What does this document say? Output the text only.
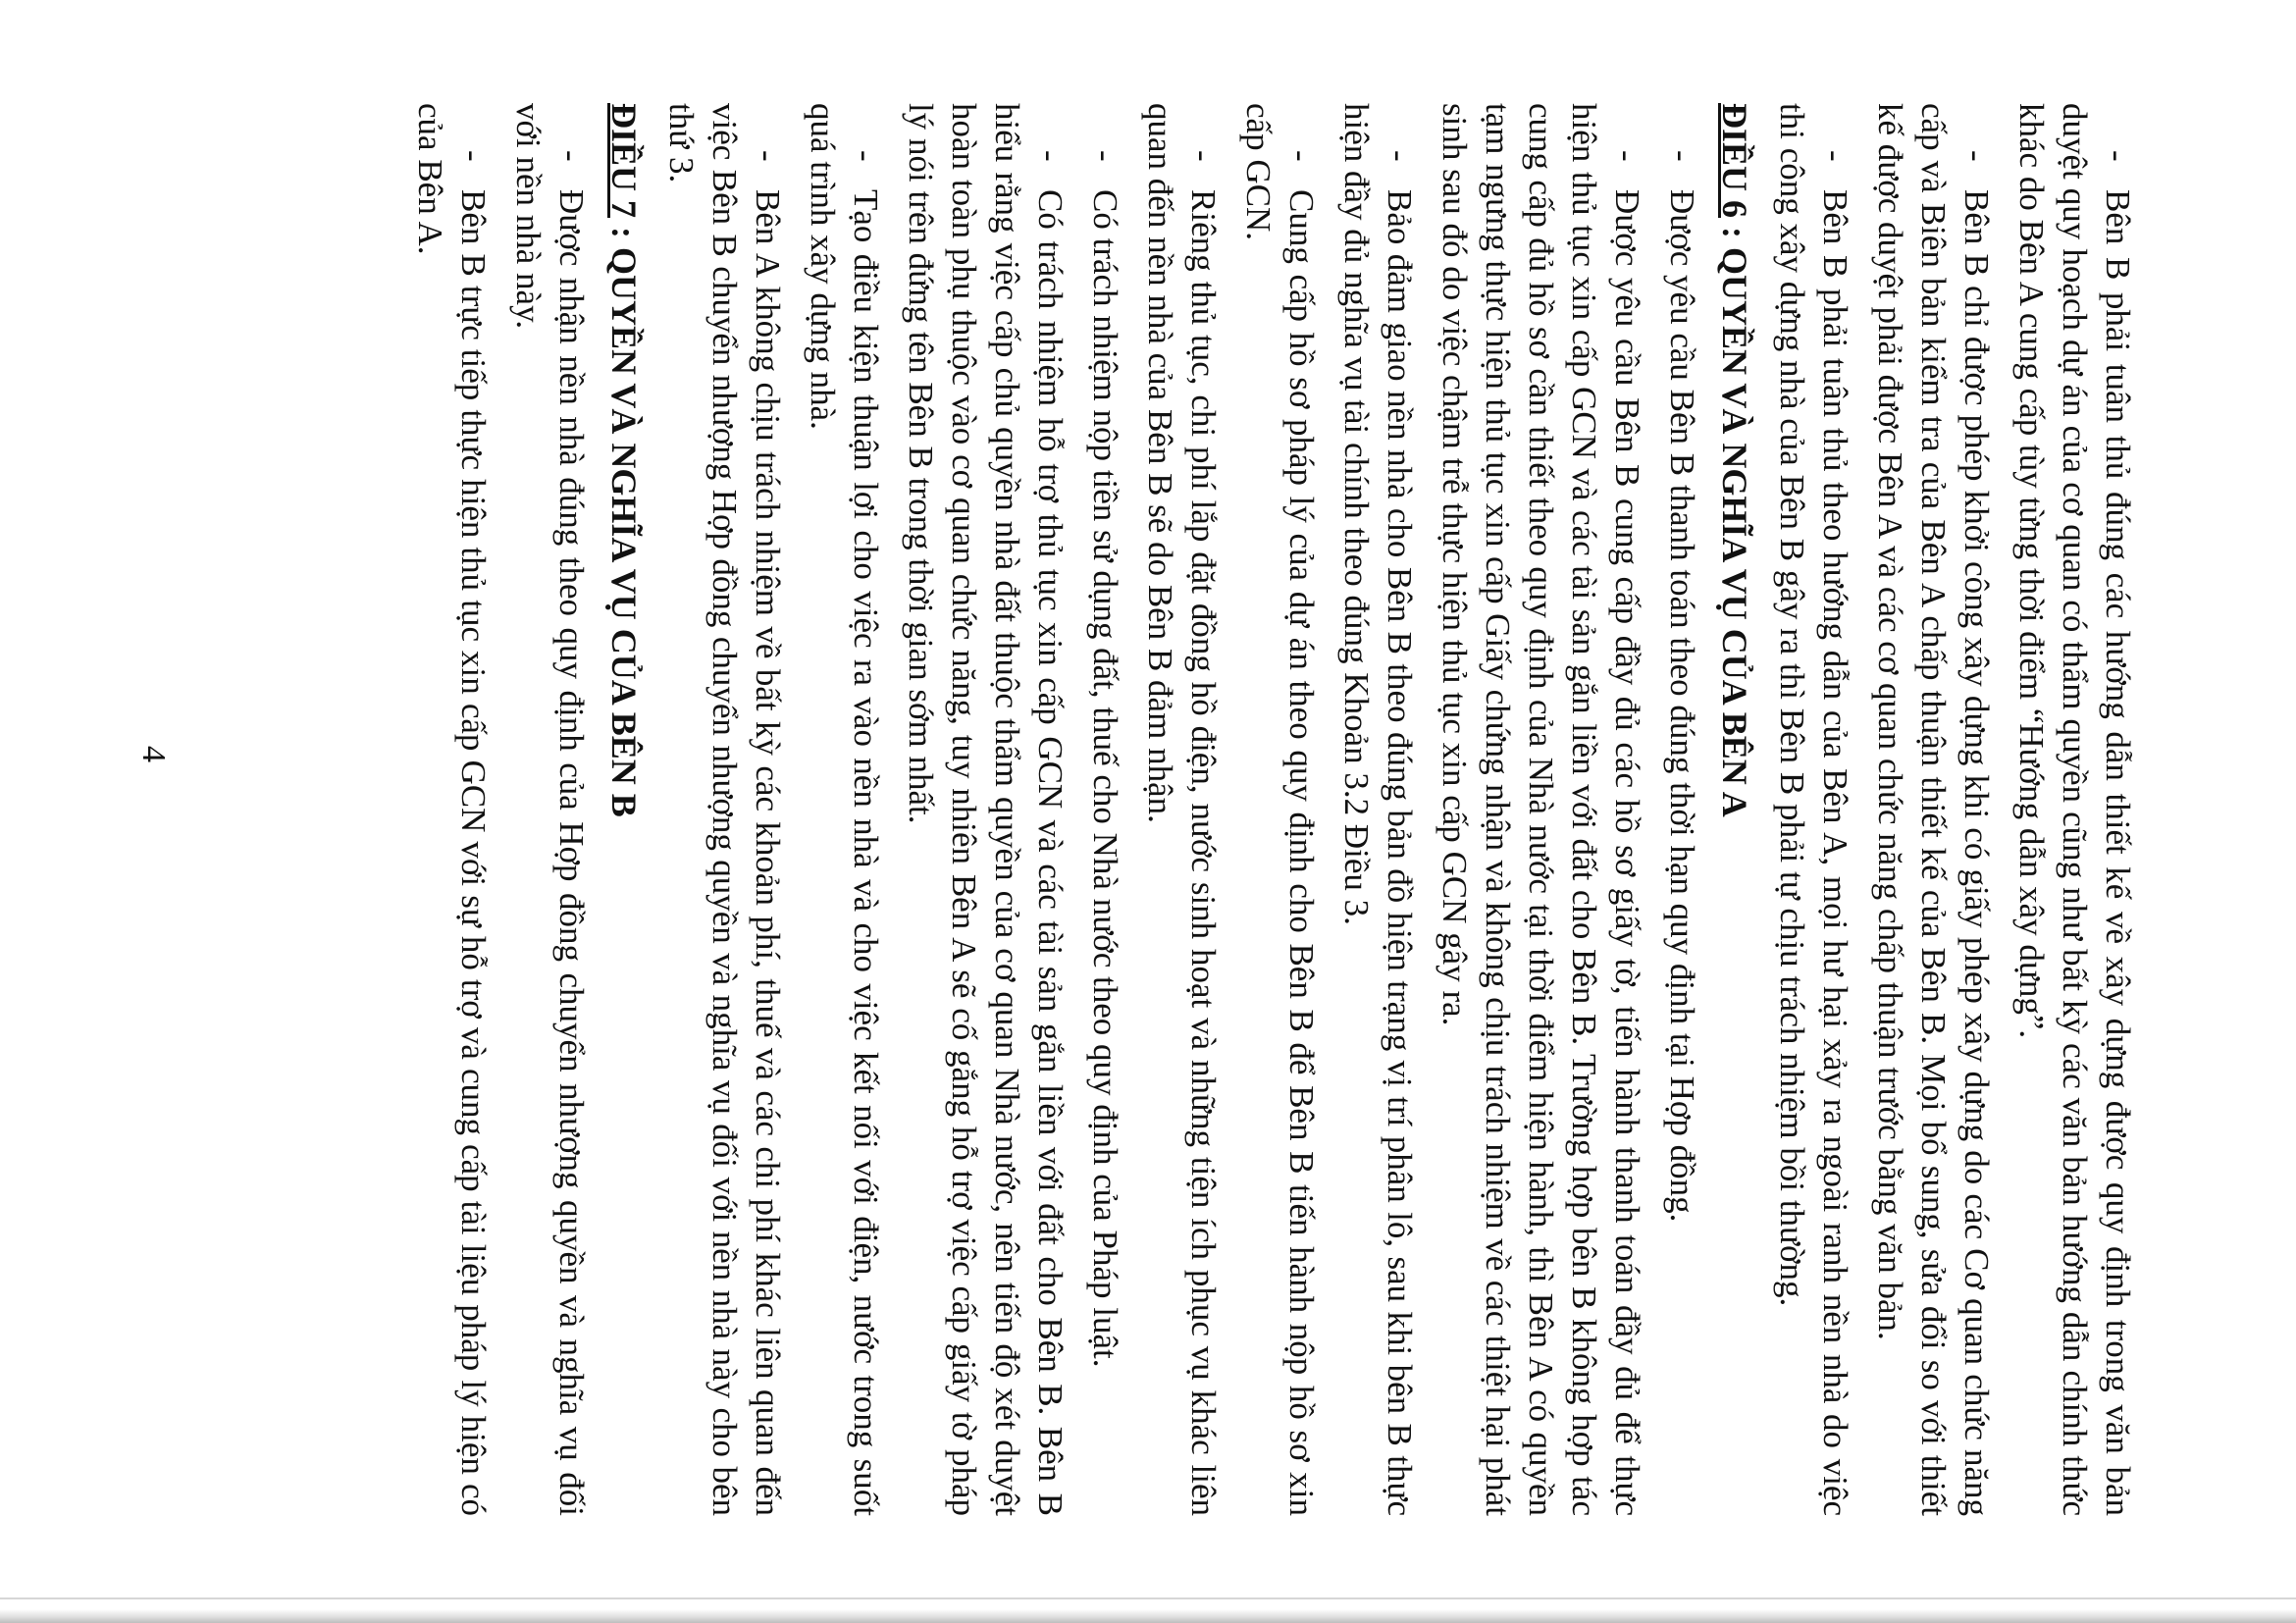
-Bên B phải tuân thủ đúng các hướng dẫn thiết kế về xây dựng được quy định trong văn bản duyệt quy hoạch dự án của cơ quan có thẩm quyền cũng như bất kỳ các văn bản hướng dẫn chính thức khác do Bên A cung cấp tùy từng thời điểm “Hướng dẫn xây dựng”.

-Bên B chỉ được phép khởi công xây dựng khi có giấy phép xây dựng do các Cơ quan chức năng cấp và Biên bản kiểm tra của Bên A chấp thuận thiết kế của Bên B. Mọi bổ sung, sửa đổi so với thiết kế được duyệt phải được Bên A và các cơ quan chức năng chấp thuận trước bằng văn bản.

-Bên B phải tuân thủ theo hướng dẫn của Bên A, mọi hư hại xảy ra ngoài ranh nền nhà do việc thi công xây dựng nhà của Bên B gây ra thì Bên B phải tự chịu trách nhiệm bồi thường.

ĐIỀU 6 : QUYỀN VÀ NGHĨA VỤ CỦA BÊN A

-Được yêu cầu Bên B thanh toán theo đúng thời hạn quy định tại Hợp đồng.

-Được yêu cầu Bên B cung cấp đầy đủ các hồ sơ giấy tờ, tiến hành thanh toán đầy đủ để thực hiện thủ tục xin cấp GCN và các tài sản gắn liền với đất cho Bên B. Trường hợp bên B không hợp tác cung cấp đủ hồ sơ cần thiết theo quy định của Nhà nước tại thời điểm hiện hành, thì Bên A có quyền tạm ngưng thực hiện thủ tục xin cấp Giấy chứng nhận và không chịu trách nhiệm về các thiệt hại phát sinh sau đó do việc chậm trễ thực hiện thủ tục xin cấp GCN gây ra.

-Bảo đảm giao nền nhà cho Bên B theo đúng bản đồ hiện trạng vị trí phân lô, sau khi bên B thực hiện đầy đủ nghĩa vụ tài chính theo đúng Khoản 3.2 Điều 3.

-Cung cấp hồ sơ pháp lý của dự án theo quy định cho Bên B để Bên B tiến hành nộp hồ sơ xin cấp GCN.

-Riêng thủ tục, chi phí lắp đặt đồng hồ điện, nước sinh hoạt và những tiện ích phục vụ khác liên quan đến nền nhà của Bên B sẽ do Bên B đảm nhận.

-Có trách nhiệm nộp tiền sử dụng đất, thuế cho Nhà nước theo quy định của Pháp luật.

-Có trách nhiệm hỗ trợ thủ tục xin cấp GCN và các tài sản gắn liền với đất cho Bên B. Bên B hiểu rằng việc cấp chủ quyền nhà đất thuộc thẩm quyền của cơ quan Nhà nước, nên tiến độ xét duyệt hoàn toàn phụ thuộc vào cơ quan chức năng, tuy nhiên Bên A sẽ cố gắng hỗ trợ việc cấp giấy tờ pháp lý nói trên đứng tên Bên B trong thời gian sớm nhất.

-Tạo điều kiện thuận lợi cho việc ra vào nền nhà và cho việc kết nối với điện, nước trong suốt quá trình xây dựng nhà.

-Bên A không chịu trách nhiệm về bất kỳ các khoản phí, thuế và các chi phí khác liên quan đến việc Bên B chuyển nhượng Hợp đồng chuyển nhượng quyền và nghĩa vụ đối với nền nhà này cho bên thứ 3.

ĐIỀU 7 : QUYỀN VÀ NGHĨA VỤ CỦA BÊN B

-Được nhận nền nhà đúng theo quy định của Hợp đồng chuyển nhượng quyền và nghĩa vụ đối với nền nhà này.

-Bên B trực tiếp thực hiện thủ tục xin cấp GCN với sự hỗ trợ và cung cấp tài liệu pháp lý hiện có của Bên A.

4
